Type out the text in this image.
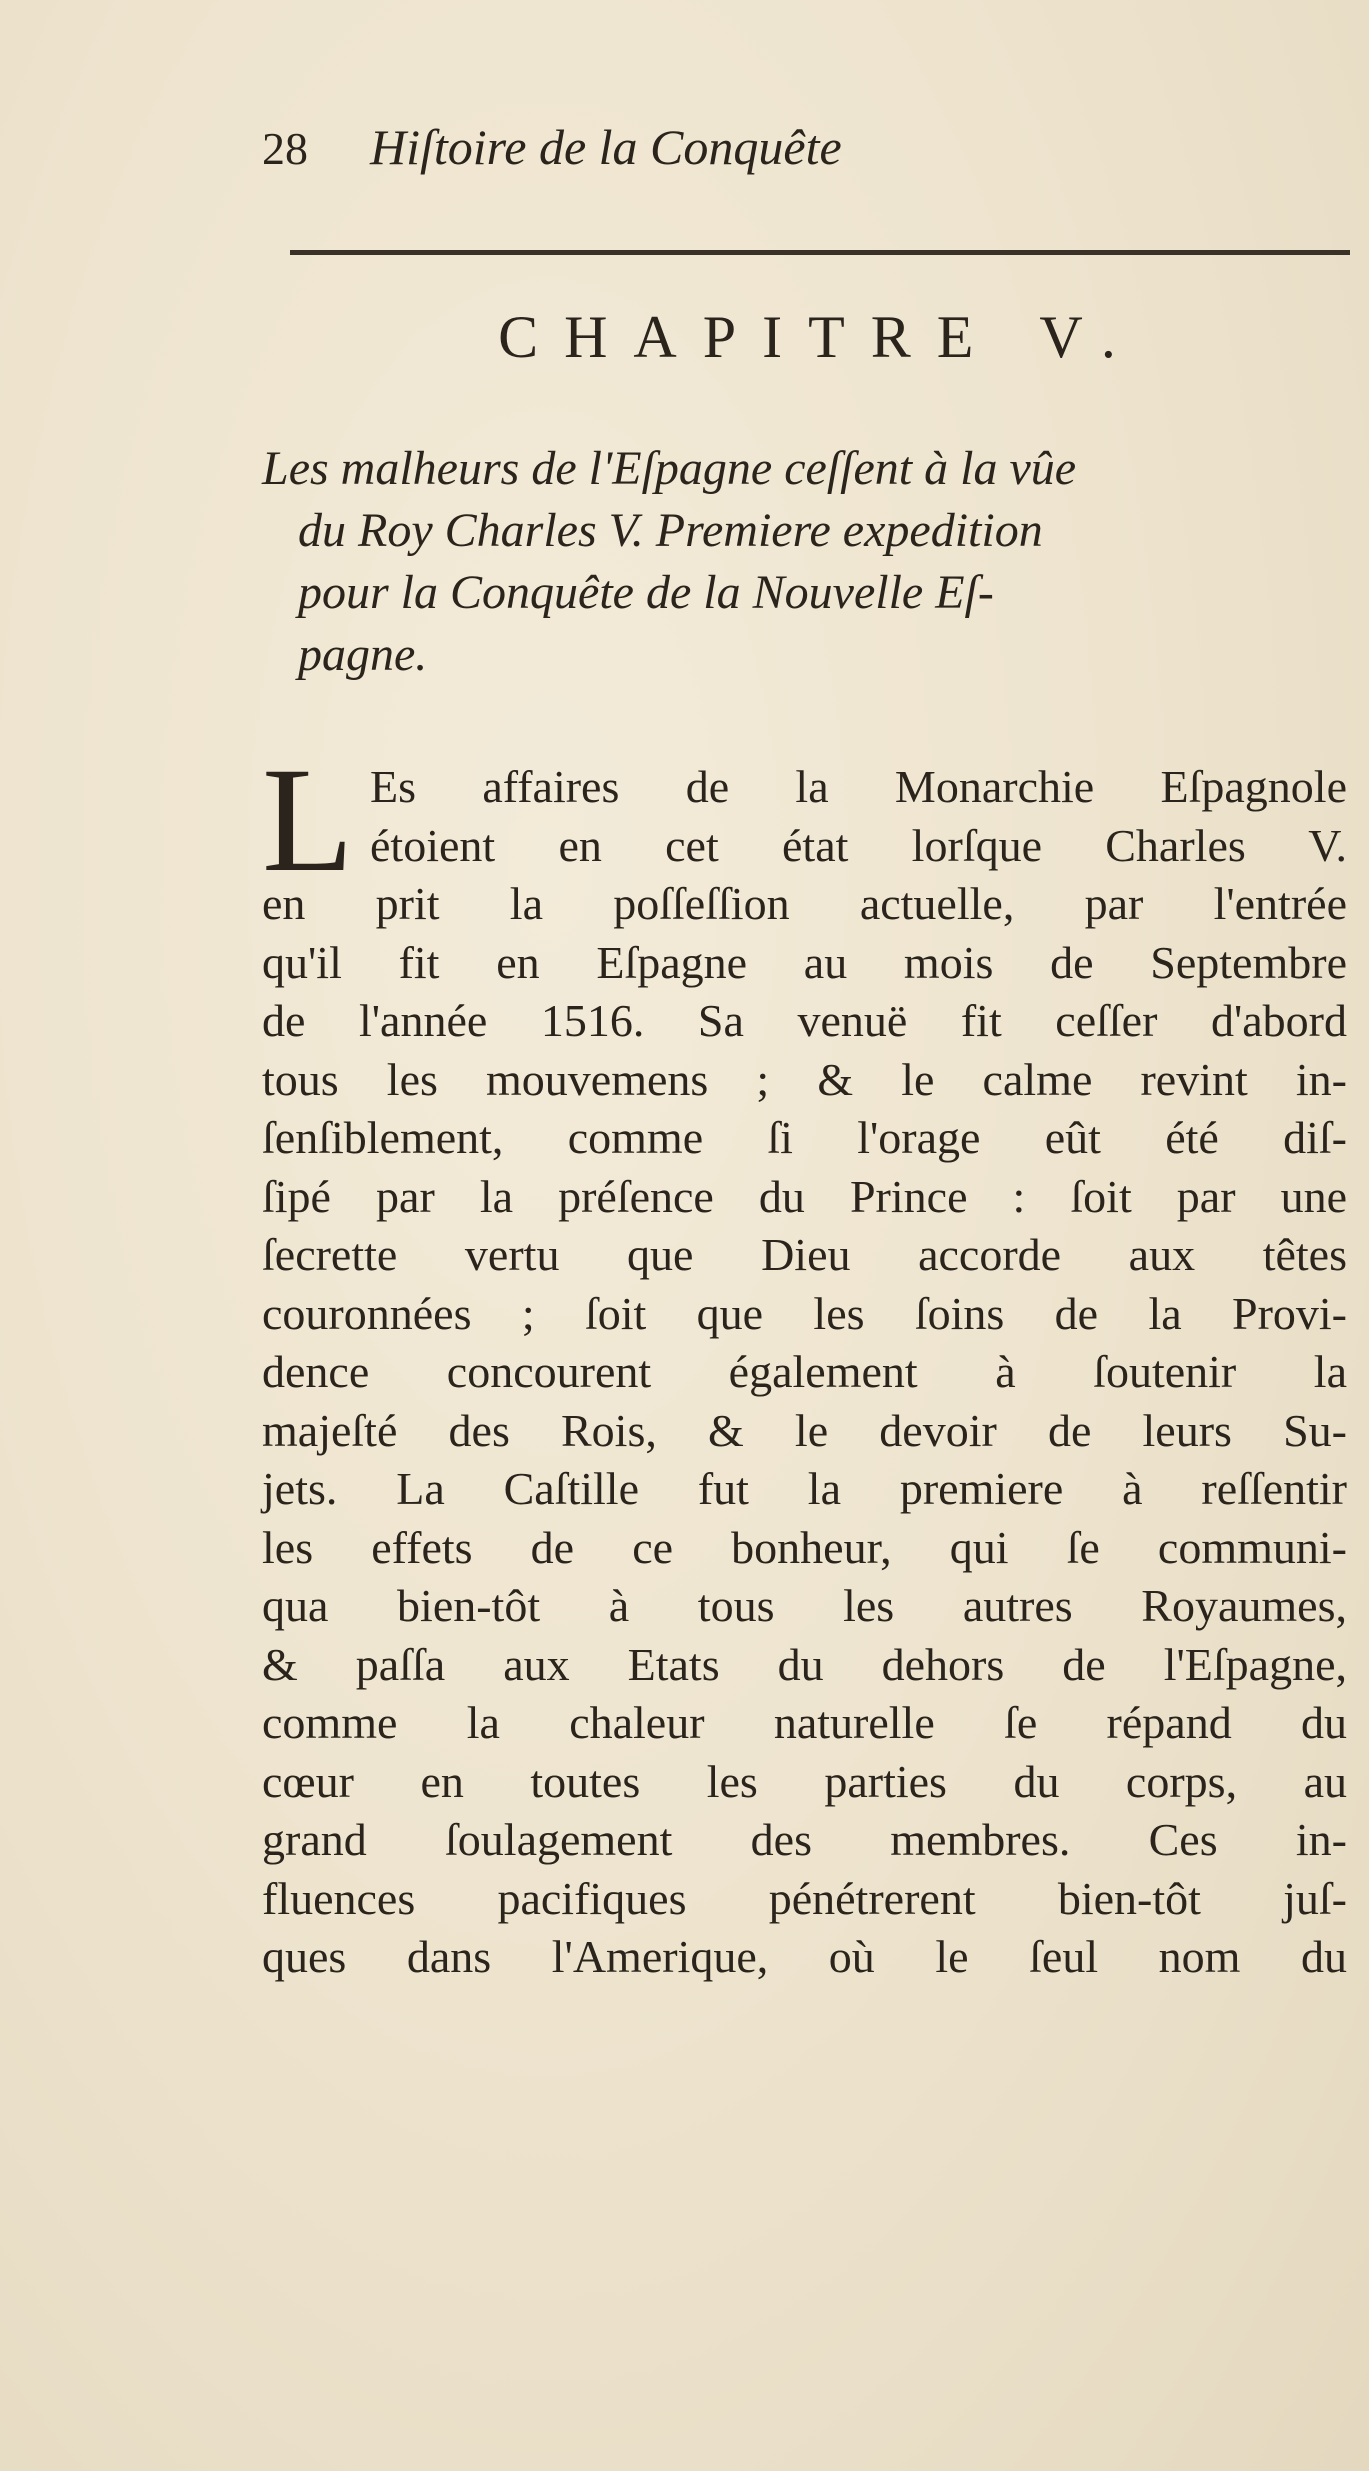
28 Hiſtoire de la Conquête
CHAPITRE V.
Les malheurs de l'Eſpagne ceſſent à la vûe
du Roy Charles V. Premiere expedition
pour la Conquête de la Nouvelle Eſ-
pagne.
L Es affaires de la Monarchie Eſpagnole
étoient en cet état lorſque Charles V.
en prit la poſſeſſion actuelle, par l'entrée
qu'il fit en Eſpagne au mois de Septembre
de l'année 1516. Sa venuë fit ceſſer d'abord
tous les mouvemens ; & le calme revint in-
ſenſiblement, comme ſi l'orage eût été diſ-
ſipé par la préſence du Prince : ſoit par une
ſecrette vertu que Dieu accorde aux têtes
couronnées ; ſoit que les ſoins de la Provi-
dence concourent également à ſoutenir la
majeſté des Rois, & le devoir de leurs Su-
jets. La Caſtille fut la premiere à reſſentir
les effets de ce bonheur, qui ſe communi-
qua bien-tôt à tous les autres Royaumes,
& paſſa aux Etats du dehors de l'Eſpagne,
comme la chaleur naturelle ſe répand du
cœur en toutes les parties du corps, au
grand ſoulagement des membres. Ces in-
fluences pacifiques pénétrerent bien-tôt juſ-
ques dans l'Amerique, où le ſeul nom du
